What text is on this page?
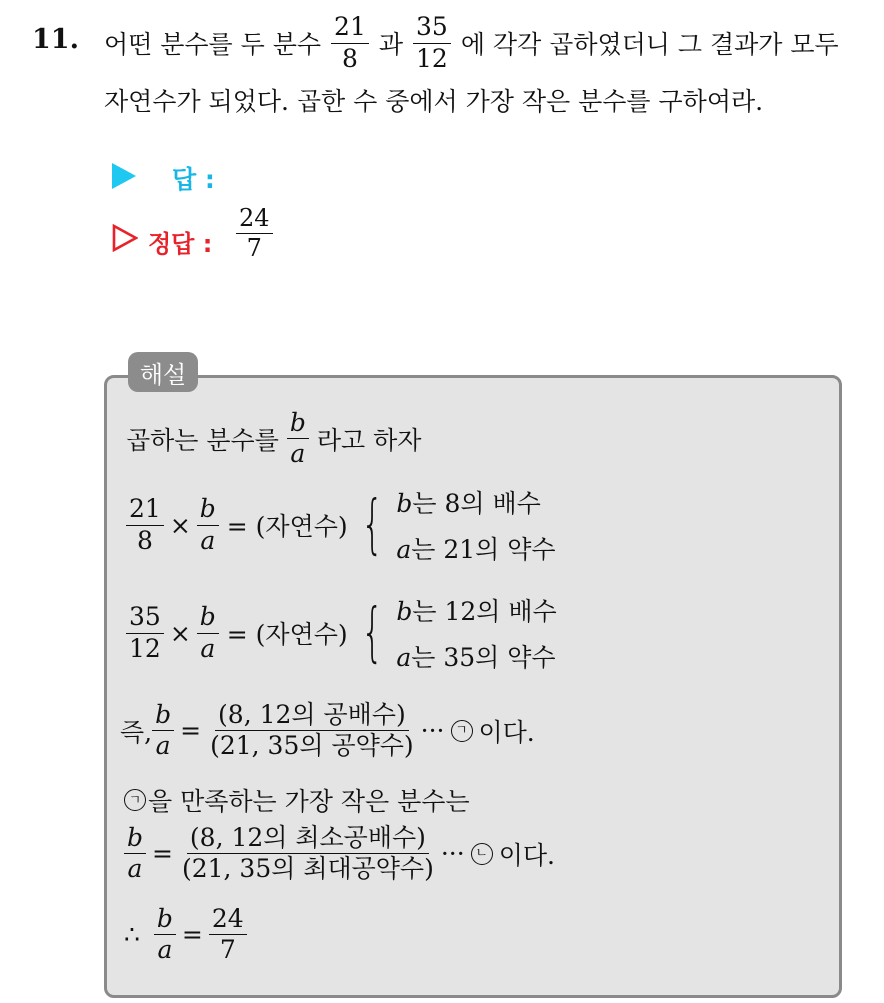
11. 어떤 분수를 두 분수 $\frac{21}{8}$ 과 $\frac{35}{12}$ 에 각각 곱하였더니 그 결과가 모두
자연수가 되었다. 곱한 수 중에서 가장 작은 분수를 구하여라.
답 :
정답 : $\frac{24}{7}$
해설
곱하는 분수를 $\frac{b}{a}$ 라고 하자
$\frac{21}{8} \times \frac{b}{a}$ = (자연수) { b는 8의 배수
a는 21의 약수
$\frac{35}{12} \times \frac{b}{a}$ = (자연수) { b는 12의 배수
a는 35의 약수
즉, $\frac{b}{a} = \frac{\text{(8, 12의 공배수)}}{\text{(21, 35의 공약수)}}$ ··· ㄱ 이다.
ㄱ 을 만족하는 가장 작은 분수는
$\frac{b}{a} = \frac{\text{(8, 12의 최소공배수)}}{\text{(21, 35의 최대공약수)}}$ ··· ㄴ 이다.
∴ $\frac{b}{a} = \frac{24}{7}$
